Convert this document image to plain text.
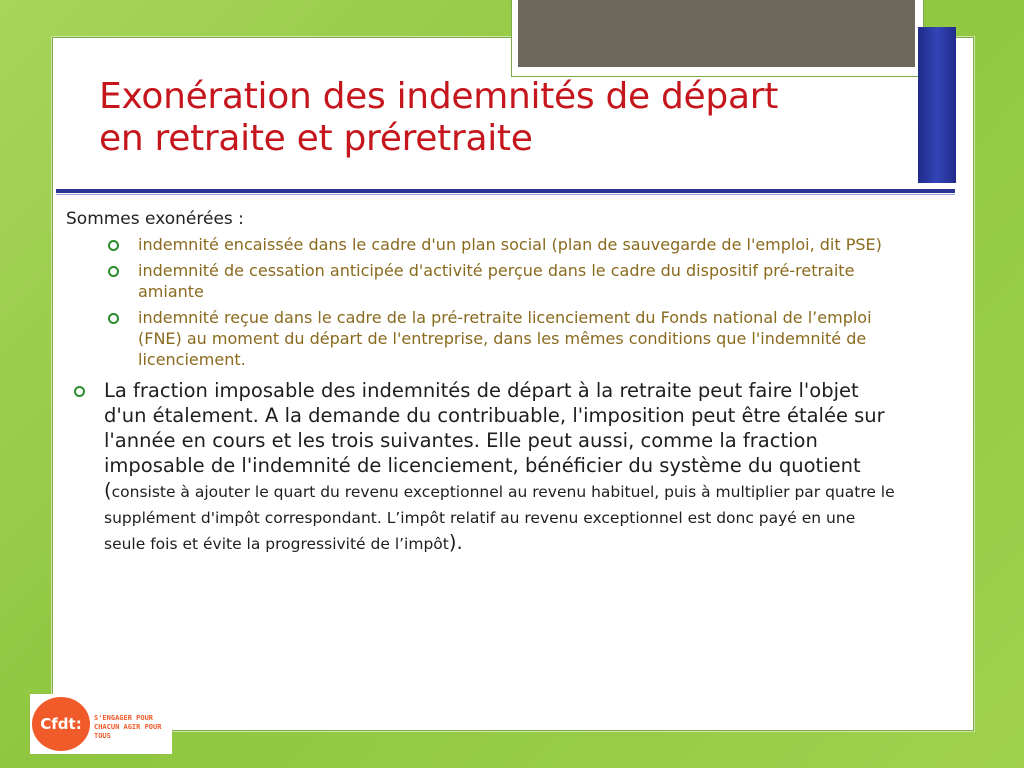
Exonération des indemnités de départ
en retraite et préretraite

Sommes exonérées :

indemnité encaissée dans le cadre d'un plan social (plan de sauvegarde de l'emploi, dit PSE)
indemnité de cessation anticipée d'activité perçue dans le cadre du dispositif pré-retraite amiante
indemnité reçue dans le cadre de la pré-retraite licenciement du Fonds national de l’emploi (FNE) au moment du départ de l'entreprise, dans les mêmes conditions que l'indemnité de licenciement.
La fraction imposable des indemnités de départ à la retraite peut faire l'objet d'un étalement. A la demande du contribuable, l'imposition peut être étalée sur l'année en cours et les trois suivantes. Elle peut aussi, comme la fraction imposable de l'indemnité de licenciement, bénéficier du système du quotient (consiste à ajouter le quart du revenu exceptionnel au revenu habituel, puis à multiplier par quatre le supplément d'impôt correspondant. L’impôt relatif au revenu exceptionnel est donc payé en une seule fois et évite la progressivité de l’impôt).
Cfdt:	S'ENGAGER POUR CHACUN AGIR POUR TOUS
